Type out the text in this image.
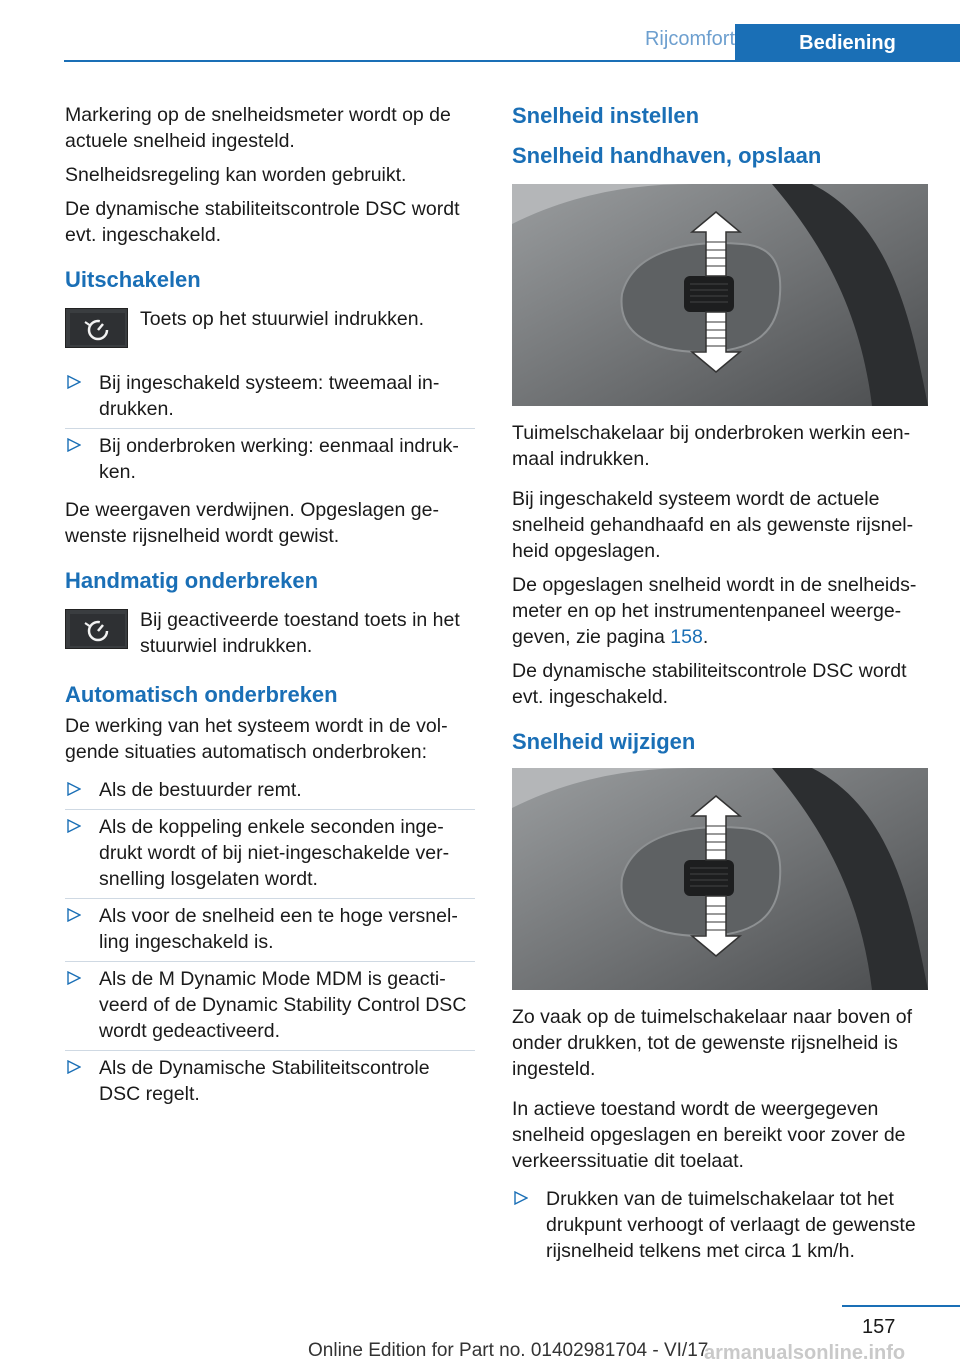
Rijcomfort	Bediening

Markering op de snelheidsmeter wordt op de actuele snelheid ingesteld.

Snelheidsregeling kan worden gebruikt.

De dynamische stabiliteitscontrole DSC wordt evt. ingeschakeld.

Uitschakelen

Toets op het stuurwiel indrukken.

Bij ingeschakeld systeem: tweemaal in-drukken.
Bij onderbroken werking: eenmaal indruk-ken.

De weergaven verdwijnen. Opgeslagen ge-wenste rijsnelheid wordt gewist.

Handmatig onderbreken

Bij geactiveerde toestand toets in het stuurwiel indrukken.

Automatisch onderbreken

De werking van het systeem wordt in de vol-gende situaties automatisch onderbroken:

Als de bestuurder remt.
Als de koppeling enkele seconden inge-drukt wordt of bij niet-ingeschakelde ver-snelling losgelaten wordt.
Als voor de snelheid een te hoge versnel-ling ingeschakeld is.
Als de M Dynamic Mode MDM is geacti-veerd of de Dynamic Stability Control DSC wordt gedeactiveerd.
Als de Dynamische Stabiliteitscontrole DSC regelt.
Snelheid instellen
Snelheid handhaven, opslaan

Tuimelschakelaar bij onderbroken werkin een-maal indrukken.

Bij ingeschakeld systeem wordt de actuele snelheid gehandhaafd en als gewenste rijsnel-heid opgeslagen.

De opgeslagen snelheid wordt in de snelheids-meter en op het instrumentenpaneel weerge-geven, zie pagina 158.

De dynamische stabiliteitscontrole DSC wordt evt. ingeschakeld.

Snelheid wijzigen

Zo vaak op de tuimelschakelaar naar boven of onder drukken, tot de gewenste rijsnelheid is ingesteld.

In actieve toestand wordt de weergegeven snelheid opgeslagen en bereikt voor zover de verkeerssituatie dit toelaat.

Drukken van de tuimelschakelaar tot het drukpunt verhoogt of verlaagt de gewenste rijsnelheid telkens met circa 1 km/h.
157
Online Edition for Part no. 01402981704 - VI/17
armanualsonline.info
